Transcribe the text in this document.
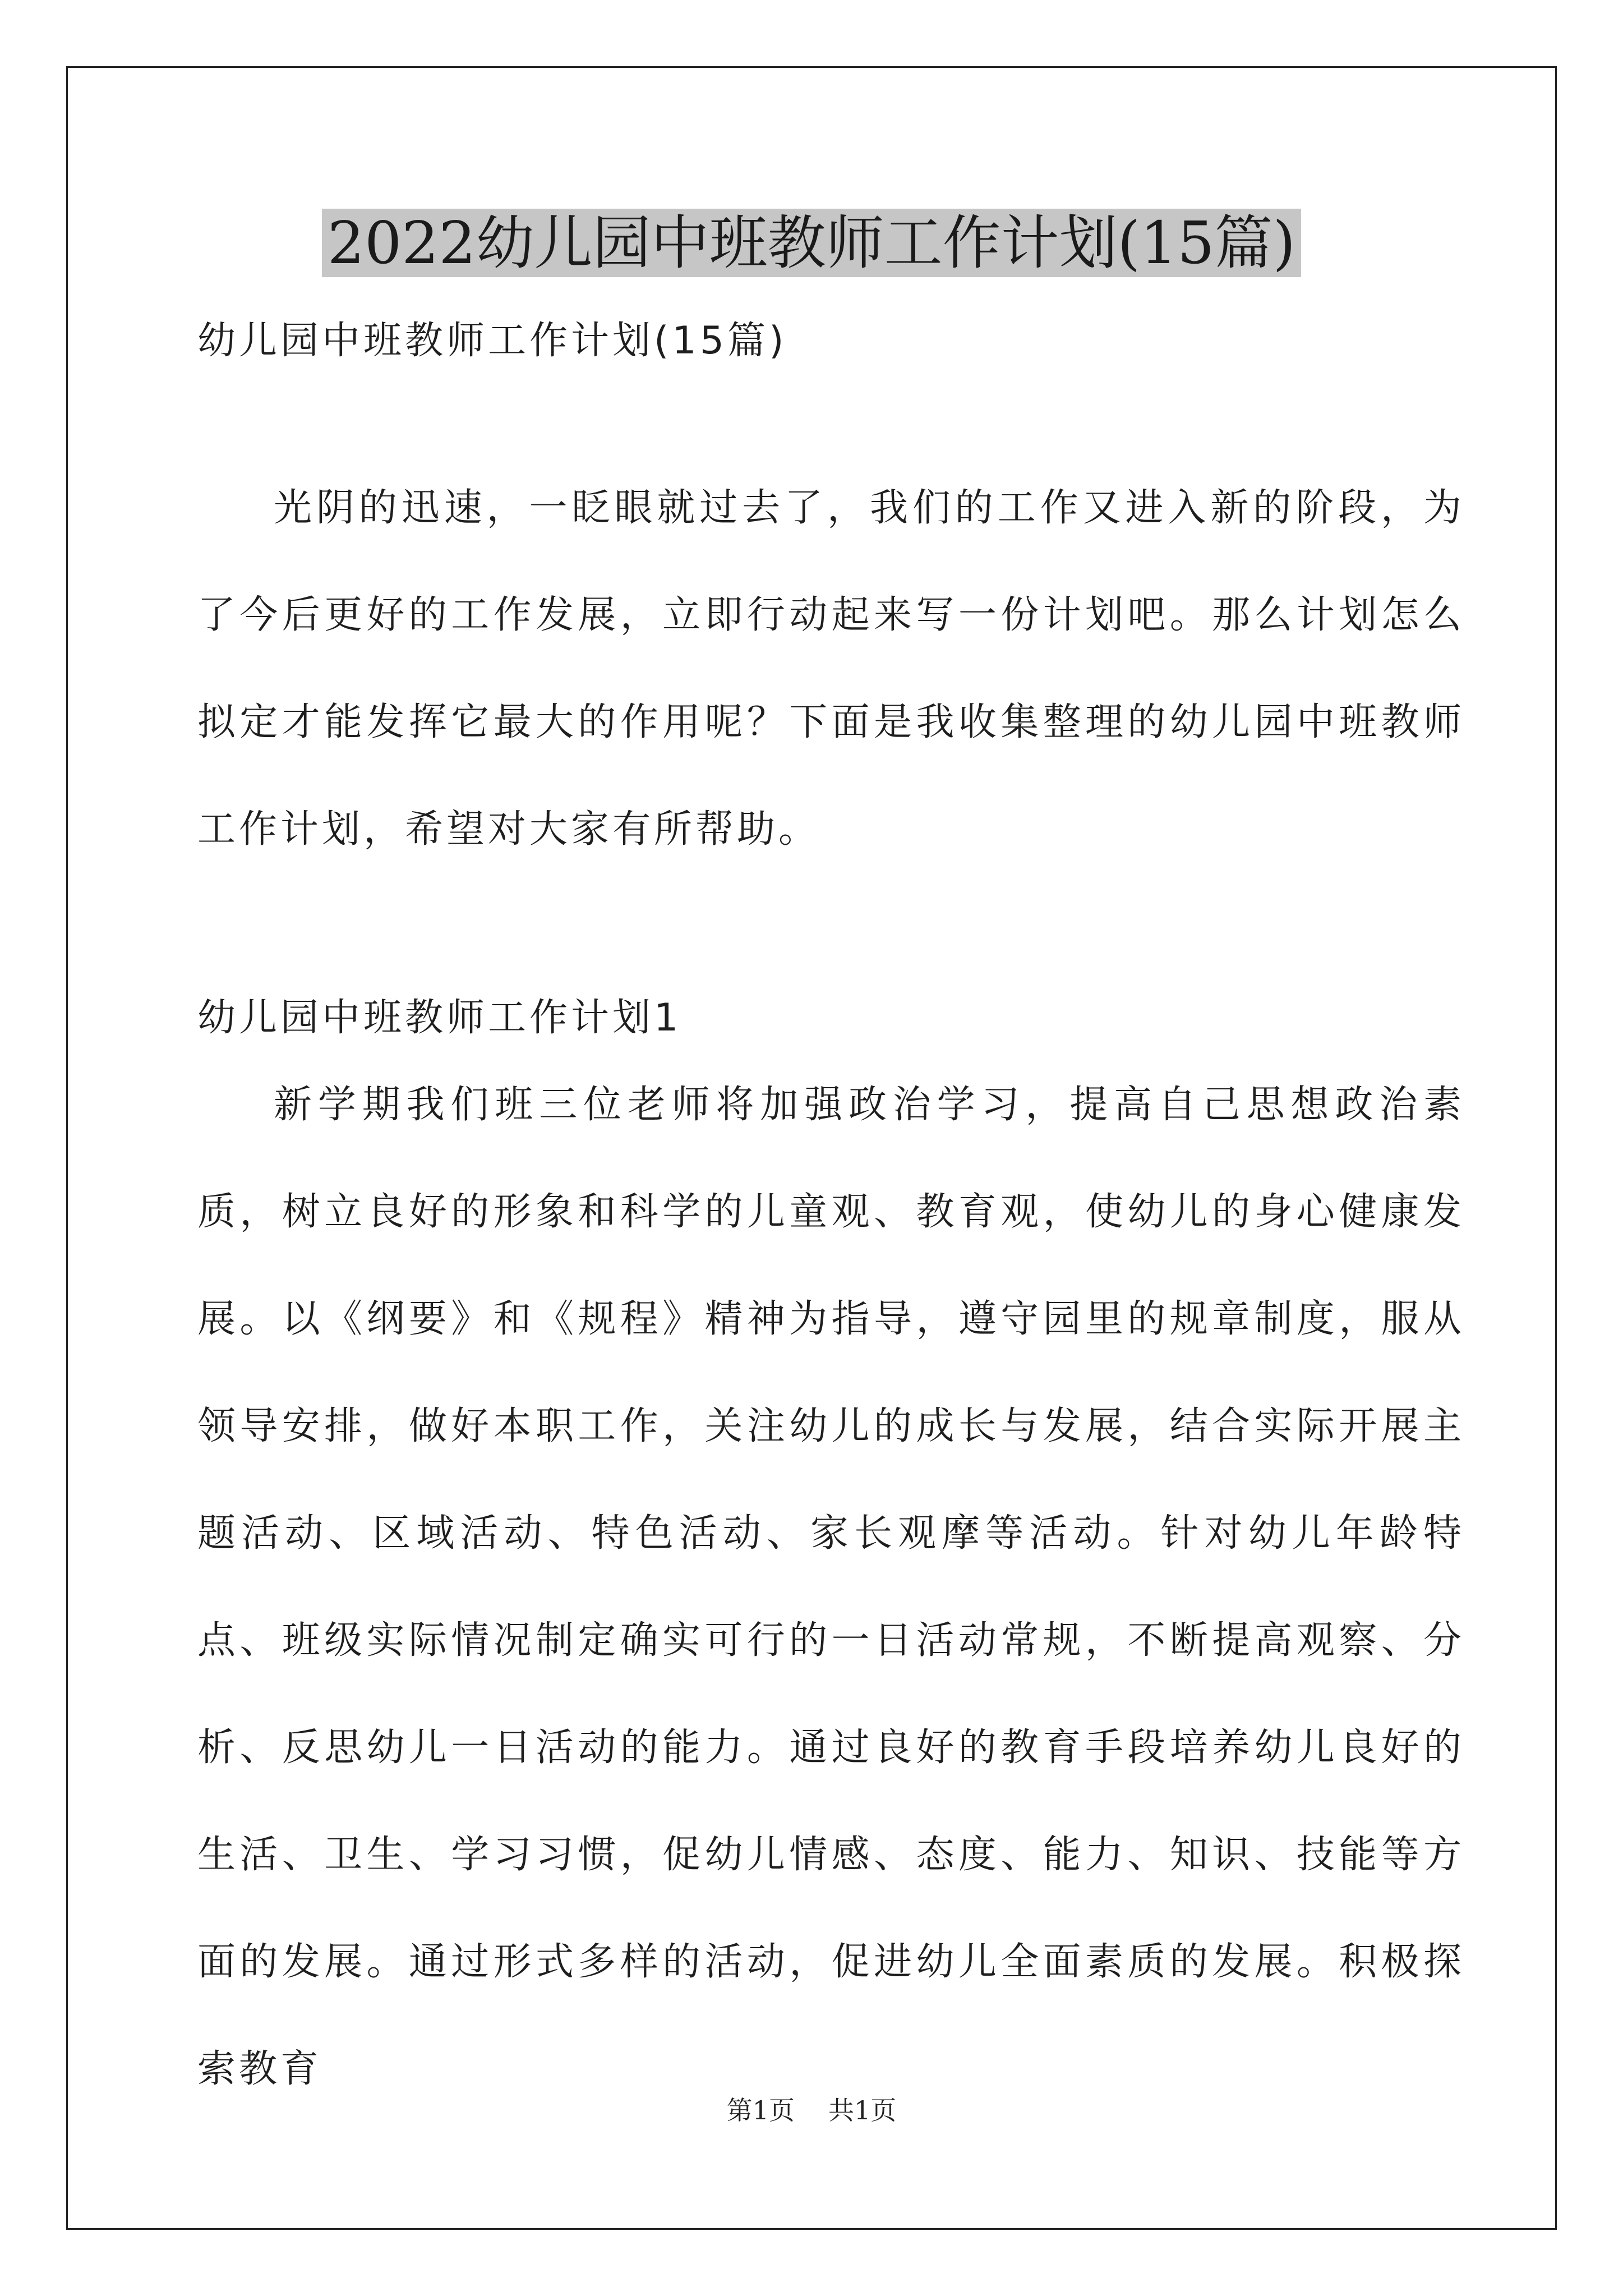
2022幼儿园中班教师工作计划(15篇)
幼儿园中班教师工作计划(15篇)

光阴的迅速，一眨眼就过去了，我们的工作又进入新的阶段，为了今后更好的工作发展，立即行动起来写一份计划吧。那么计划怎么拟定才能发挥它最大的作用呢？下面是我收集整理的幼儿园中班教师工作计划，希望对大家有所帮助。

幼儿园中班教师工作计划1

新学期我们班三位老师将加强政治学习，提高自己思想政治素质，树立良好的形象和科学的儿童观、教育观，使幼儿的身心健康发展。以《纲要》和《规程》精神为指导，遵守园里的规章制度，服从领导安排，做好本职工作，关注幼儿的成长与发展，结合实际开展主题活动、区域活动、特色活动、家长观摩等活动。针对幼儿年龄特点、班级实际情况制定确实可行的一日活动常规，不断提高观察、分析、反思幼儿一日活动的能力。通过良好的教育手段培养幼儿良好的生活、卫生、学习习惯，促幼儿情感、态度、能力、知识、技能等方面的发展。通过形式多样的活动，促进幼儿全面素质的发展。积极探索教育

第1页 共1页
